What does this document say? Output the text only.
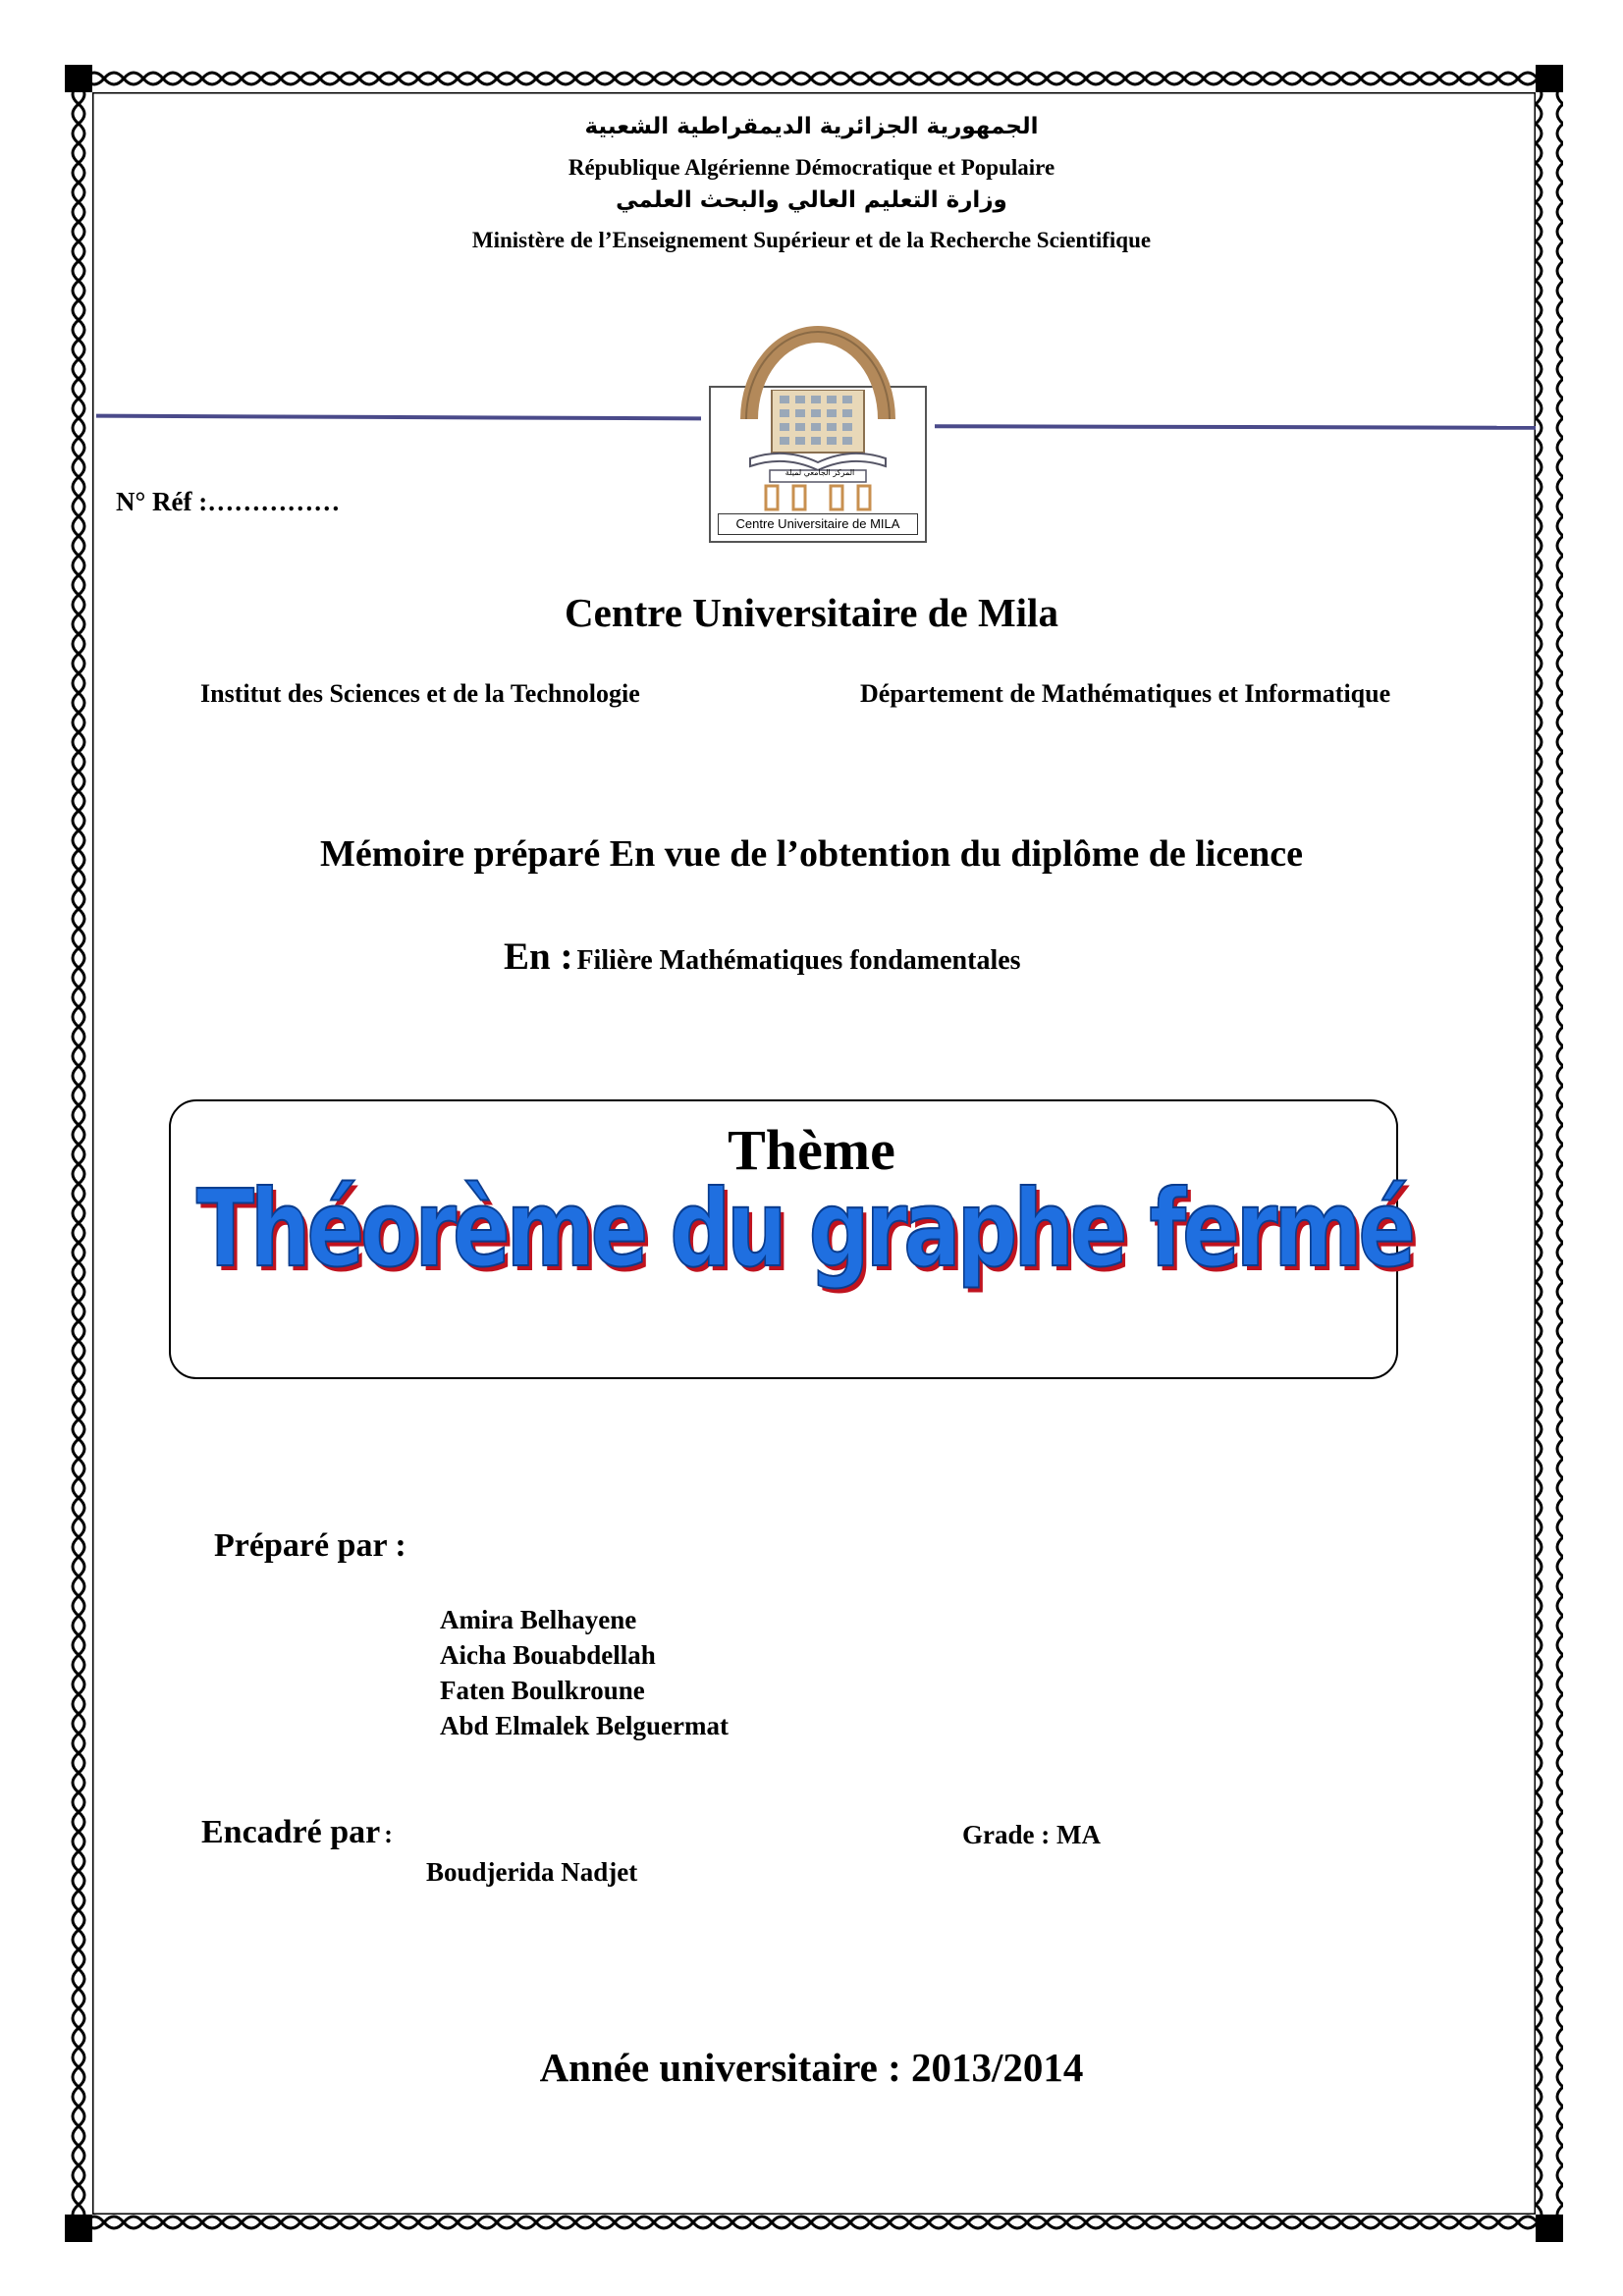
الجمهورية الجزائرية الديمقراطية الشعبية
République Algérienne Démocratique et Populaire
وزارة التعليم العالي والبحث العلمي
Ministère de l’Enseignement Supérieur et de la Recherche Scientifique
المركز الجامعي لميلة
Centre Universitaire de MILA
N° Réf :……………
Centre Universitaire de Mila
Institut des Sciences et de la Technologie	Département de Mathématiques et Informatique
Mémoire préparé En vue de l’obtention du diplôme de licence
En : Filière Mathématiques fondamentales
Thème
Théorème du graphe fermé
Préparé par :
Amira Belhayene
Aicha Bouabdellah
Faten Boulkroune
Abd Elmalek Belguermat
Encadré par :
Boudjerida Nadjet
Grade : MA
Année universitaire : 2013/2014
